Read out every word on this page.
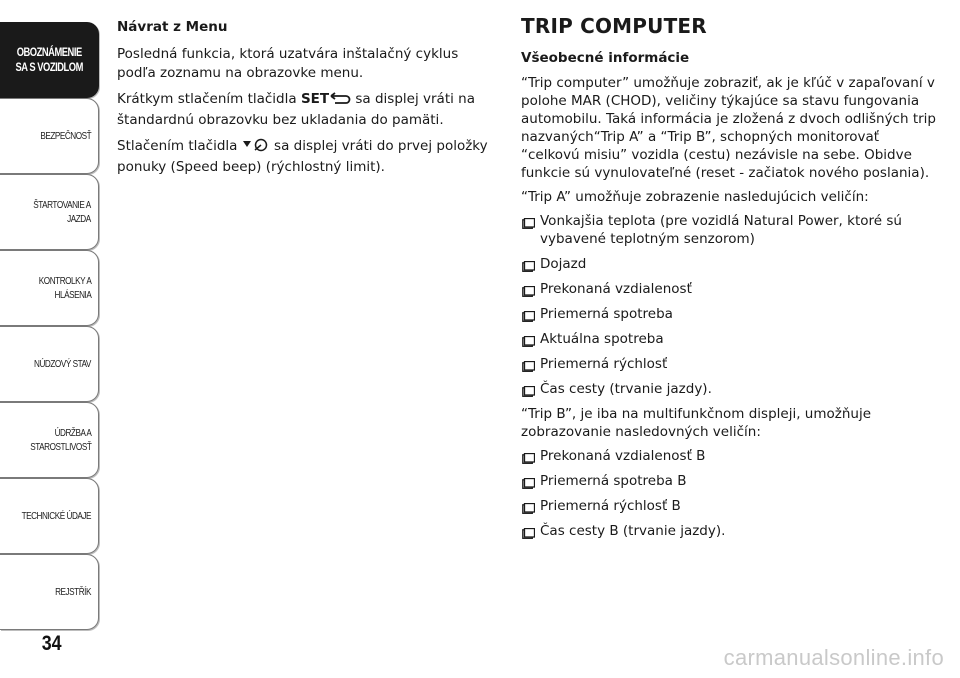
OBOZNÁMENIE
SA S VOZIDLOM
BEZPEČNOSŤ
ŠTARTOVANIE A
JAZDA
KONTROLKY A
HLÁSENIA
NÚDZOVÝ STAV
ÚDRŽBA A
STAROSTLIVOSŤ
TECHNICKÉ ÚDAJE
REJSTŘÍK
34
Návrat z Menu

Posledná funkcia, ktorá uzatvára inštalačný cyklus podľa zoznamu na obrazovke menu.

Krátkym stlačením tlačidla SET sa displej vráti na štandardnú obrazovku bez ukladania do pamäti.

Stlačením tlačidla  sa displej vráti do prvej položky ponuky (Speed beep) (rýchlostný limit).

TRIP COMPUTER
Všeobecné informácie

“Trip computer” umožňuje zobraziť, ak je kľúč v zapaľovaní v polohe MAR (CHOD), veličiny týkajúce sa stavu fungovania automobilu. Taká informácia je zložená z dvoch odlišných trip nazvaných“Trip A” a “Trip B”, schopných monitorovať “celkovú misiu” vozidla (cestu) nezávisle na sebe. Obidve funkcie sú vynulovateľné (reset - začiatok nového poslania).

“Trip A” umožňuje zobrazenie nasledujúcich veličín:

Vonkajšia teplota (pre vozidlá Natural Power, ktoré sú vybavené teplotným senzorom)
Dojazd
Prekonaná vzdialenosť
Priemerná spotreba
Aktuálna spotreba
Priemerná rýchlosť
Čas cesty (trvanie jazdy).

“Trip B”, je iba na multifunkčnom displeji, umožňuje zobrazovanie nasledovných veličín:

Prekonaná vzdialenosť B
Priemerná spotreba B
Priemerná rýchlosť B
Čas cesty B (trvanie jazdy).
carmanualsonline.info
